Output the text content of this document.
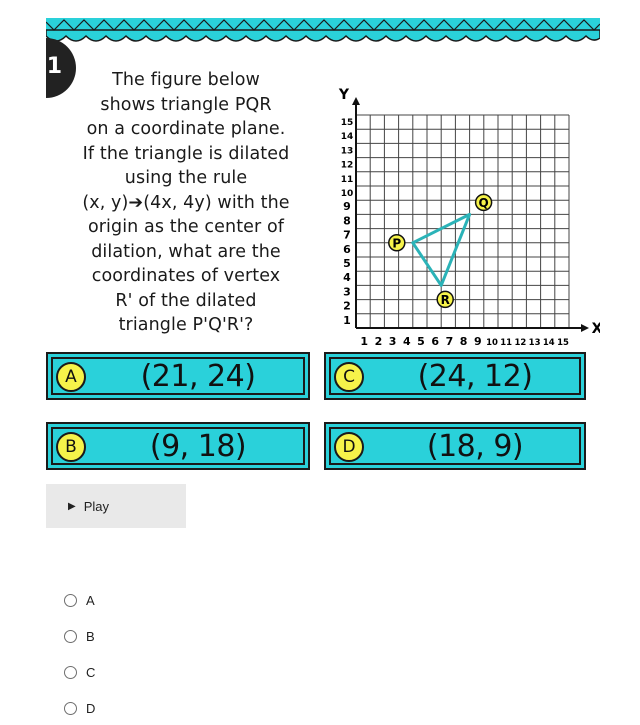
1
The figure below
shows triangle PQR
on a coordinate plane.
If the triangle is dilated
using the rule
(x, y)➔(4x, 4y) with the
origin as the center of
dilation, what are the
coordinates of vertex
R' of the dilated
triangle P'Q'R'?	X
Y
1 2 3 4 5 6 7 8 9 10 11 12 13 14 15
1
2
3
4
5
6
7
8
9
10
11
12
13
14
15
P
Q
R
A	(21, 24)	C	(24, 12)
B	(9, 18)	D	(18, 9)
▶ Play
A
B
C
D
